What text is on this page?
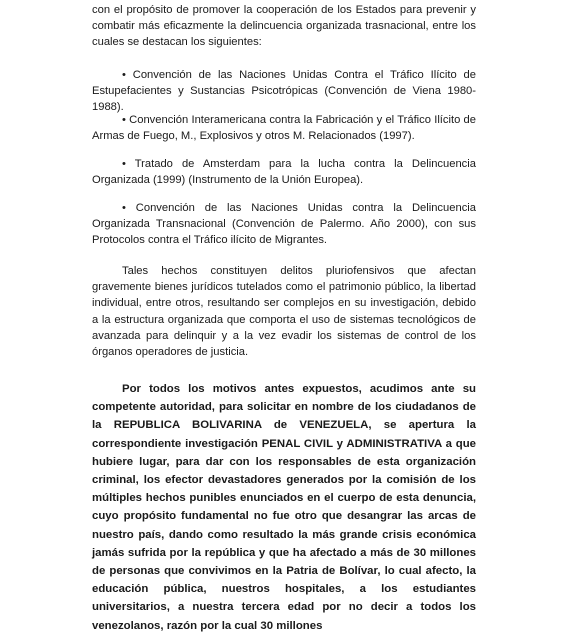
con el propósito de promover la cooperación de los Estados para prevenir y combatir más eficazmente la delincuencia organizada trasnacional, entre los cuales se destacan los siguientes:

• Convención de las Naciones Unidas Contra el Tráfico Ilícito de Estupefacientes y Sustancias Psicotrópicas (Convención de Viena 1980-1988).

• Convención Interamericana contra la Fabricación y el Tráfico Ilícito de Armas de Fuego, M., Explosivos y otros M. Relacionados (1997).

• Tratado de Amsterdam para la lucha contra la Delincuencia Organizada (1999) (Instrumento de la Unión Europea).

• Convención de las Naciones Unidas contra la Delincuencia Organizada Transnacional (Convención de Palermo. Año 2000), con sus Protocolos contra el Tráfico ilícito de Migrantes.

Tales hechos constituyen delitos pluriofensivos que afectan gravemente bienes jurídicos tutelados como el patrimonio público, la libertad individual, entre otros, resultando ser complejos en su investigación, debido a la estructura organizada que comporta el uso de sistemas tecnológicos de avanzada para delinquir y a la vez evadir los sistemas de control de los órganos operadores de justicia.

Por todos los motivos antes expuestos, acudimos ante su competente autoridad, para solicitar en nombre de los ciudadanos de la REPUBLICA BOLIVARINA de VENEZUELA, se apertura la correspondiente investigación PENAL CIVIL y ADMINISTRATIVA a que hubiere lugar, para dar con los responsables de esta organización criminal, los efector devastadores generados por la comisión de los múltiples hechos punibles enunciados en el cuerpo de esta denuncia, cuyo propósito fundamental no fue otro que desangrar las arcas de nuestro país, dando como resultado la más grande crisis económica jamás sufrida por la república y que ha afectado a más de 30 millones de personas que convivimos en la Patria de Bolívar, lo cual afecto, la educación pública, nuestros hospitales, a los estudiantes universitarios, a nuestra tercera edad por no decir a todos los venezolanos, razón por la cual 30 millones
